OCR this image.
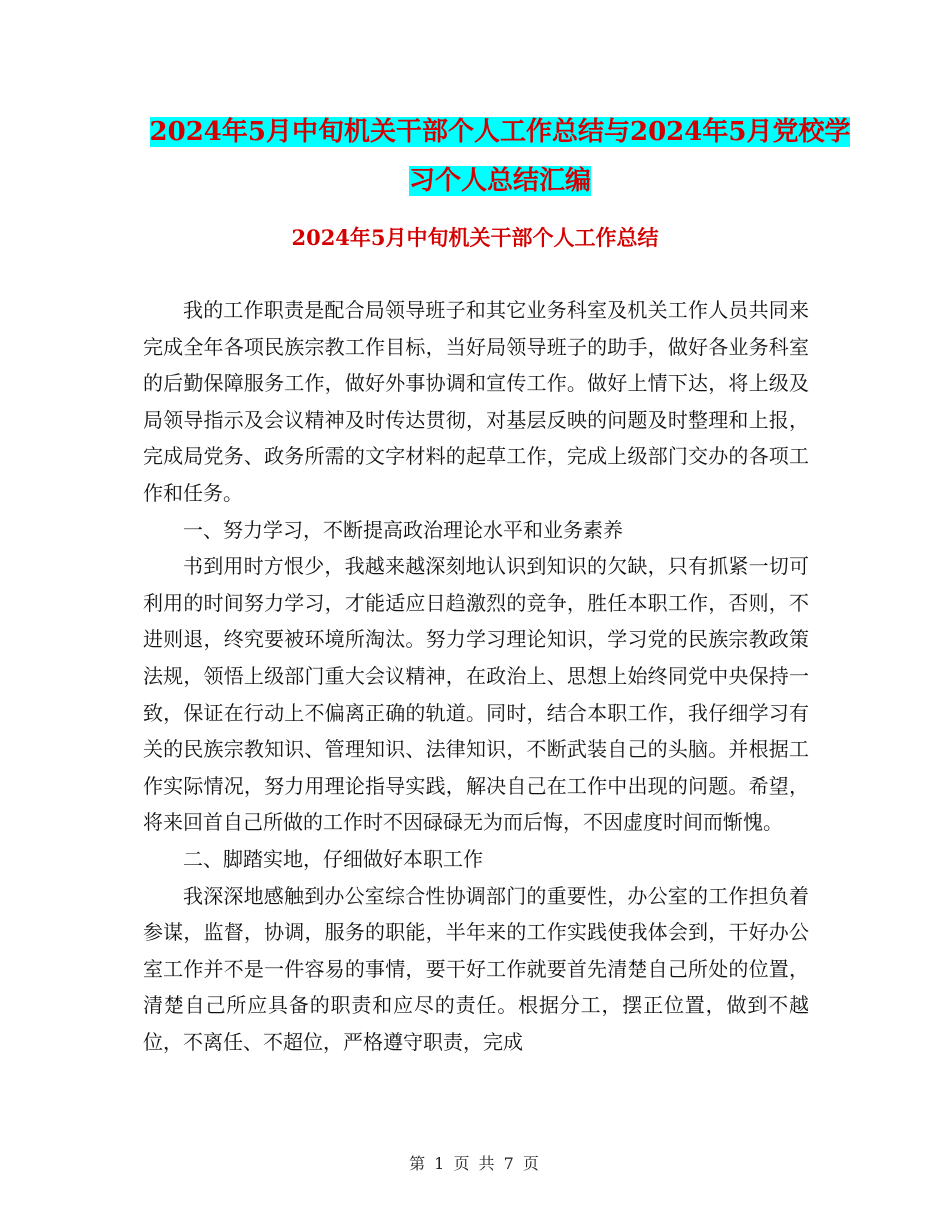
2024年5月中旬机关干部个人工作总结与2024年5月党校学习个人总结汇编
2024年5月中旬机关干部个人工作总结

我的工作职责是配合局领导班子和其它业务科室及机关工作人员共同来完成全年各项民族宗教工作目标，当好局领导班子的助手，做好各业务科室的后勤保障服务工作，做好外事协调和宣传工作。做好上情下达，将上级及局领导指示及会议精神及时传达贯彻，对基层反映的问题及时整理和上报，完成局党务、政务所需的文字材料的起草工作，完成上级部门交办的各项工作和任务。

一、努力学习，不断提高政治理论水平和业务素养

书到用时方恨少，我越来越深刻地认识到知识的欠缺，只有抓紧一切可利用的时间努力学习，才能适应日趋激烈的竞争，胜任本职工作，否则，不进则退，终究要被环境所淘汰。努力学习理论知识，学习党的民族宗教政策法规，领悟上级部门重大会议精神，在政治上、思想上始终同党中央保持一致，保证在行动上不偏离正确的轨道。同时，结合本职工作，我仔细学习有关的民族宗教知识、管理知识、法律知识，不断武装自己的头脑。并根据工作实际情况，努力用理论指导实践，解决自己在工作中出现的问题。希望，将来回首自己所做的工作时不因碌碌无为而后悔，不因虚度时间而惭愧。

二、脚踏实地，仔细做好本职工作

我深深地感触到办公室综合性协调部门的重要性，办公室的工作担负着参谋，监督，协调，服务的职能，半年来的工作实践使我体会到，干好办公室工作并不是一件容易的事情，要干好工作就要首先清楚自己所处的位置，清楚自己所应具备的职责和应尽的责任。根据分工，摆正位置，做到不越位，不离任、不超位，严格遵守职责，完成

第 1 页 共 7 页
